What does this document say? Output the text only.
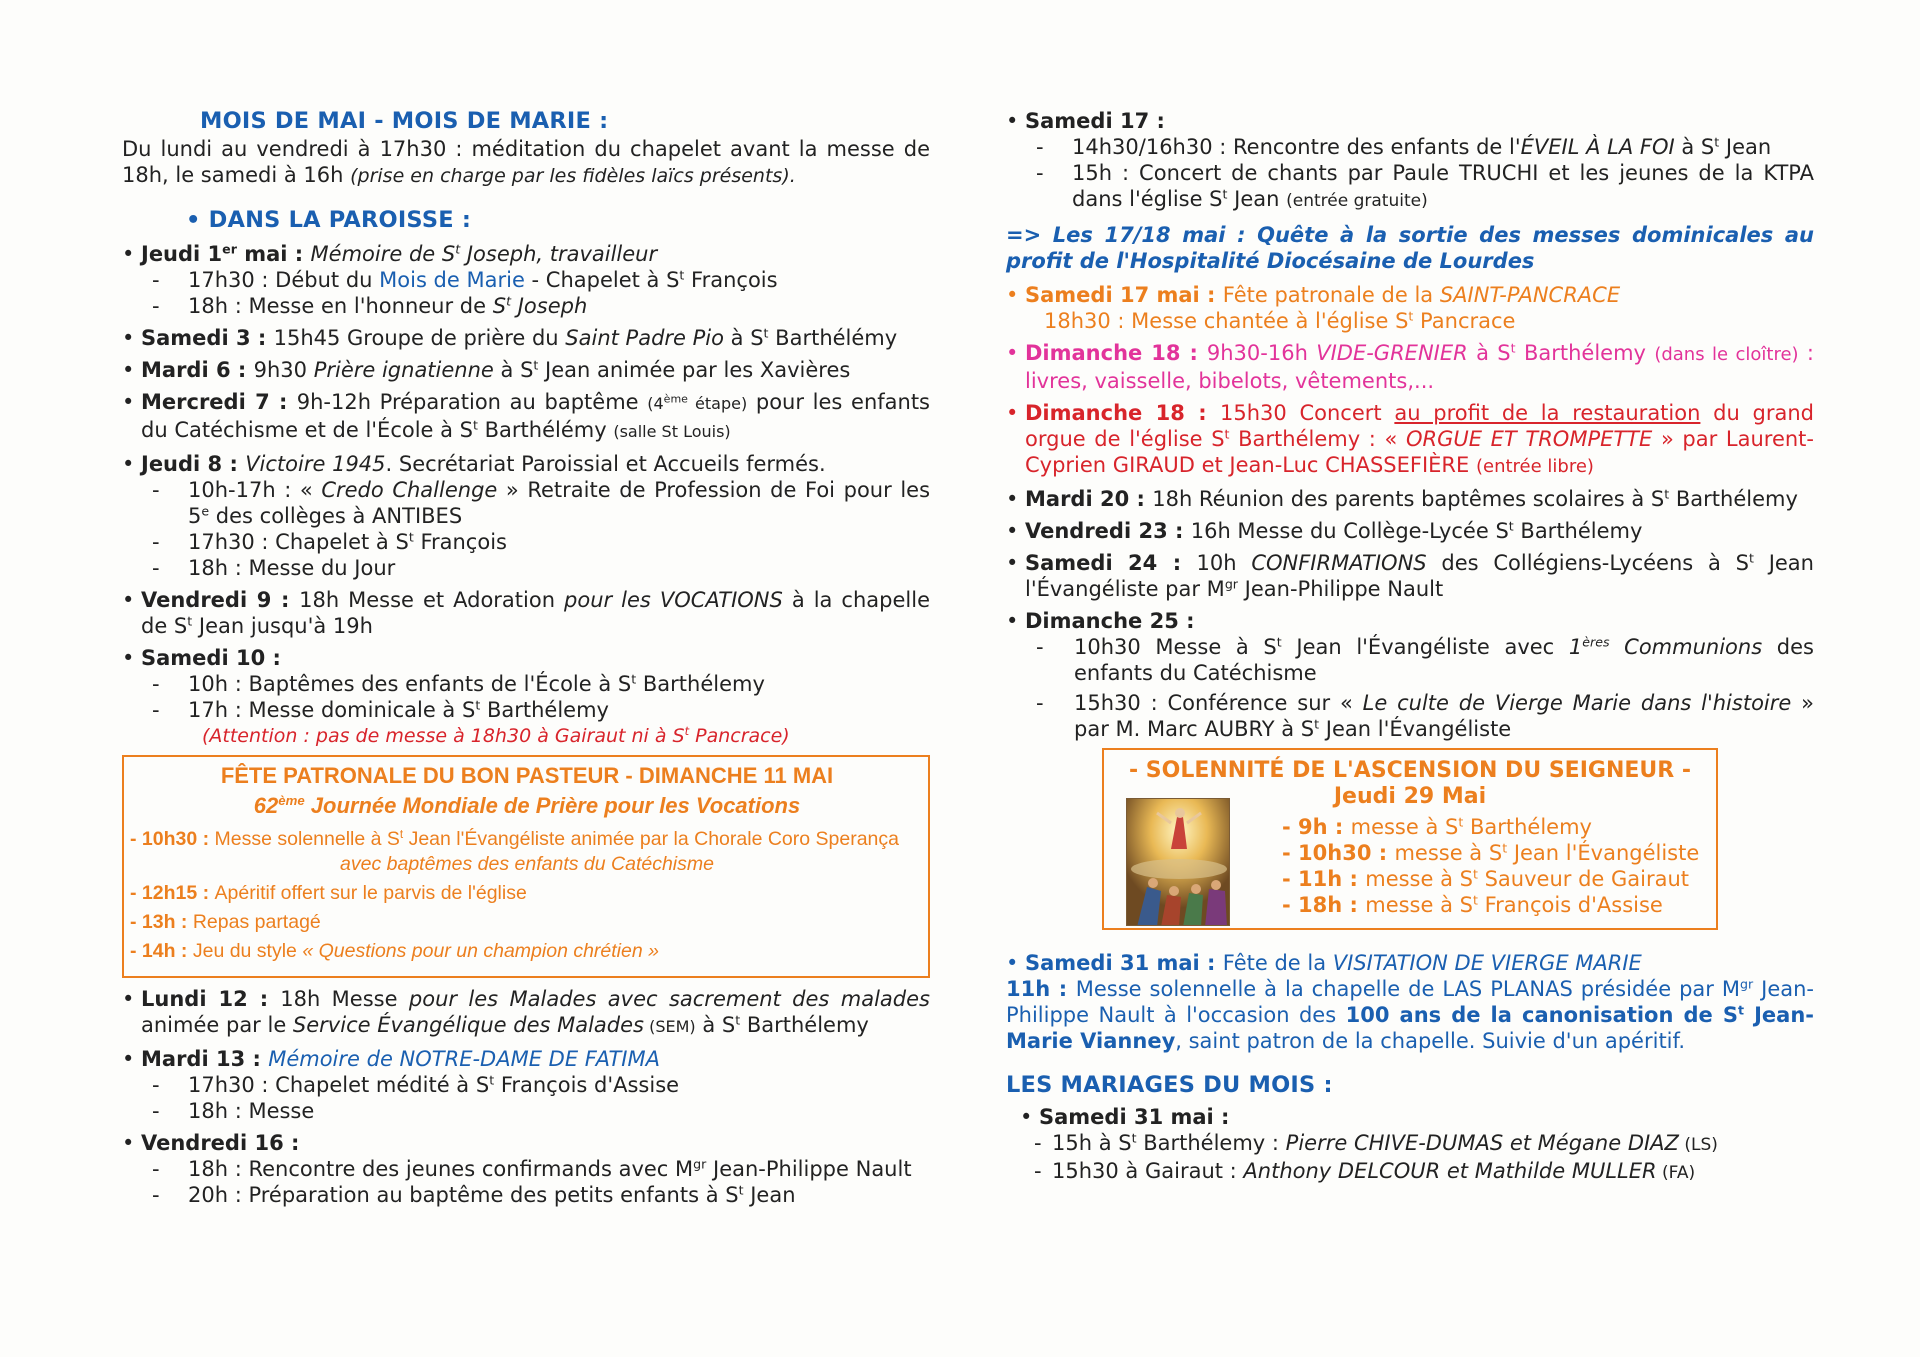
MOIS DE MAI - MOIS DE MARIE :
Du lundi au vendredi à 17h30 : méditation du chapelet avant la messe de 18h, le samedi à 16h (prise en charge par les fidèles laïcs présents).
• DANS LA PAROISSE :
• Jeudi 1er mai : Mémoire de $S^t$ Joseph, travailleur
- 17h30 : Début du Mois de Marie - Chapelet à $S^t$ François
- 18h : Messe en l'honneur de $S^t$ Joseph
• Samedi 3 : 15h45 Groupe de prière du Saint Padre Pio à $S^t$ Barthélémy
• Mardi 6 : 9h30 Prière ignatienne à $S^t$ Jean animée par les Xavières
• Mercredi 7 : 9h-12h Préparation au baptême (4ème étape) pour les enfants du Catéchisme et de l'École à $S^t$ Barthélémy (salle St Louis)
• Jeudi 8 : Victoire 1945. Secrétariat Paroissial et Accueils fermés.
- 10h-17h : « Credo Challenge » Retraite de Profession de Foi pour les 5e des collèges à ANTIBES
- 17h30 : Chapelet à $S^t$ François
- 18h : Messe du Jour
• Vendredi 9 : 18h Messe et Adoration pour les VOCATIONS à la chapelle de $S^t$ Jean jusqu'à 19h
• Samedi 10 :
- 10h : Baptêmes des enfants de l'École à $S^t$ Barthélemy
- 17h : Messe dominicale à $S^t$ Barthélemy
(Attention : pas de messe à 18h30 à Gairaut ni à $S^t$ Pancrace)
FÊTE PATRONALE DU BON PASTEUR - DIMANCHE 11 MAI
62ème Journée Mondiale de Prière pour les Vocations
- 10h30 : Messe solennelle à $S^t$ Jean l'Évangéliste animée par la Chorale Coro Sperança
avec baptêmes des enfants du Catéchisme
- 12h15 : Apéritif offert sur le parvis de l'église
- 13h : Repas partagé
- 14h : Jeu du style « Questions pour un champion chrétien »
• Lundi 12 : 18h Messe pour les Malades avec sacrement des malades animée par le Service Évangélique des Malades (SEM) à $S^t$ Barthélemy
• Mardi 13 : Mémoire de NOTRE-DAME DE FATIMA
- 17h30 : Chapelet médité à $S^t$ François d'Assise
- 18h : Messe
• Vendredi 16 :
- 18h : Rencontre des jeunes confirmands avec $M^{gr}$ Jean-Philippe Nault
- 20h : Préparation au baptême des petits enfants à $S^t$ Jean
• Samedi 17 :
- 14h30/16h30 : Rencontre des enfants de l'ÉVEIL À LA FOI à $S^t$ Jean
- 15h : Concert de chants par Paule TRUCHI et les jeunes de la KTPA dans l'église $S^t$ Jean (entrée gratuite)
=> Les 17/18 mai : Quête à la sortie des messes dominicales au profit de l'Hospitalité Diocésaine de Lourdes
• Samedi 17 mai : Fête patronale de la SAINT-PANCRACE
18h30 : Messe chantée à l'église $S^t$ Pancrace
• Dimanche 18 : 9h30-16h VIDE-GRENIER à $S^t$ Barthélemy (dans le cloître) : livres, vaisselle, bibelots, vêtements,...
• Dimanche 18 : 15h30 Concert au profit de la restauration du grand orgue de l'église $S^t$ Barthélemy : « ORGUE ET TROMPETTE » par Laurent-Cyprien GIRAUD et Jean-Luc CHASSEFIÈRE (entrée libre)
• Mardi 20 : 18h Réunion des parents baptêmes scolaires à $S^t$ Barthélemy
• Vendredi 23 : 16h Messe du Collège-Lycée $S^t$ Barthélemy
• Samedi 24 : 10h CONFIRMATIONS des Collégiens-Lycéens à $S^t$ Jean l'Évangéliste par $M^{gr}$ Jean-Philippe Nault
• Dimanche 25 :
- 10h30 Messe à $S^t$ Jean l'Évangéliste avec 1ères Communions des enfants du Catéchisme
- 15h30 : Conférence sur « Le culte de Vierge Marie dans l'histoire » par M. Marc AUBRY à $S^t$ Jean l'Évangéliste
- SOLENNITÉ DE L'ASCENSION DU SEIGNEUR -
Jeudi 29 Mai
- 9h : messe à $S^t$ Barthélemy
- 10h30 : messe à $S^t$ Jean l'Évangéliste
- 11h : messe à $S^t$ Sauveur de Gairaut
- 18h : messe à $S^t$ François d'Assise
• Samedi 31 mai : Fête de la VISITATION DE VIERGE MARIE
11h : Messe solennelle à la chapelle de LAS PLANAS présidée par $M^{gr}$ Jean-Philippe Nault à l'occasion des 100 ans de la canonisation de $S^t$ Jean-Marie Vianney, saint patron de la chapelle. Suivie d'un apéritif.
LES MARIAGES DU MOIS :
• Samedi 31 mai :
- 15h à $S^t$ Barthélemy : Pierre CHIVE-DUMAS et Mégane DIAZ (LS)
- 15h30 à Gairaut : Anthony DELCOUR et Mathilde MULLER (FA)
